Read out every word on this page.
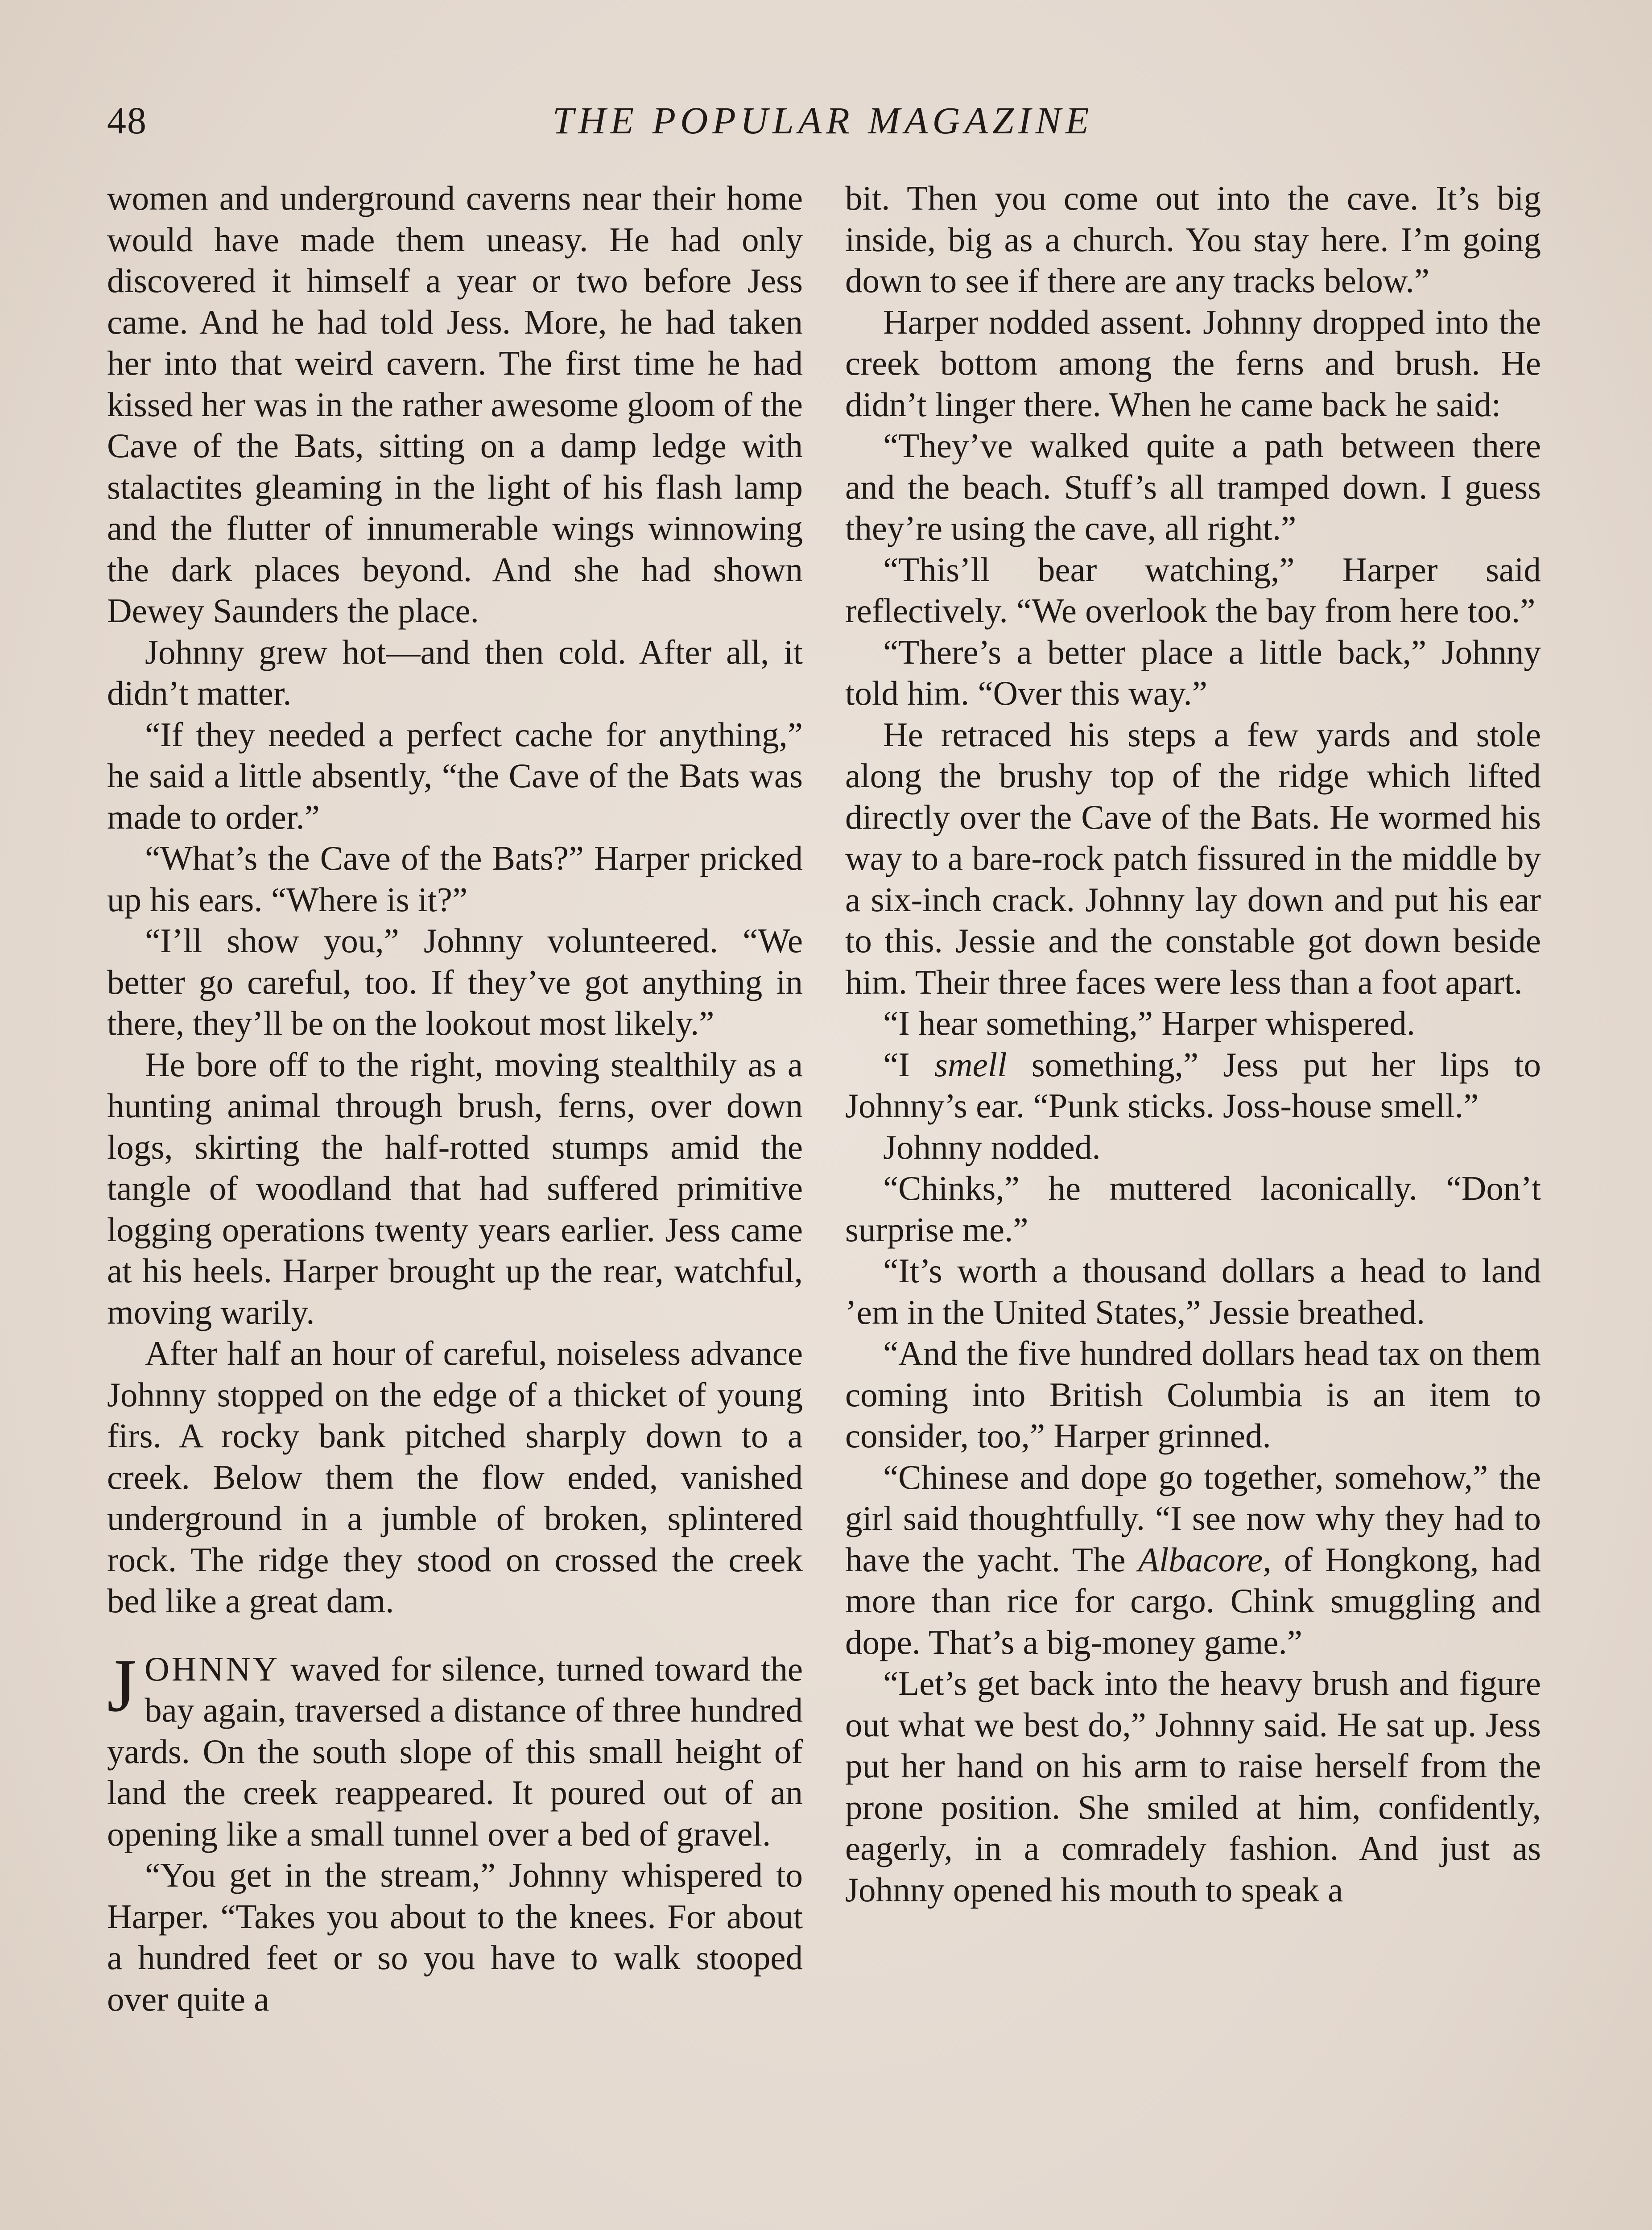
48	THE POPULAR MAGAZINE

women and underground caverns near their home would have made them uneasy. He had only discovered it himself a year or two before Jess came. And he had told Jess. More, he had taken her into that weird cavern. The first time he had kissed her was in the rather awesome gloom of the Cave of the Bats, sitting on a damp ledge with stalactites gleaming in the light of his flash lamp and the flutter of innumerable wings winnowing the dark places beyond. And she had shown Dewey Saunders the place.

Johnny grew hot—and then cold. After all, it didn’t matter.

“If they needed a perfect cache for anything,” he said a little absently, “the Cave of the Bats was made to order.”

“What’s the Cave of the Bats?” Harper pricked up his ears. “Where is it?”

“I’ll show you,” Johnny volunteered. “We better go careful, too. If they’ve got anything in there, they’ll be on the lookout most likely.”

He bore off to the right, moving stealthily as a hunting animal through brush, ferns, over down logs, skirting the half-rotted stumps amid the tangle of woodland that had suffered primitive logging operations twenty years earlier. Jess came at his heels. Harper brought up the rear, watchful, moving warily.

After half an hour of careful, noiseless advance Johnny stopped on the edge of a thicket of young firs. A rocky bank pitched sharply down to a creek. Below them the flow ended, vanished underground in a jumble of broken, splintered rock. The ridge they stood on crossed the creek bed like a great dam.

JOHNNY waved for silence, turned toward the bay again, traversed a distance of three hundred yards. On the south slope of this small height of land the creek reappeared. It poured out of an opening like a small tunnel over a bed of gravel.

“You get in the stream,” Johnny whispered to Harper. “Takes you about to the knees. For about a hundred feet or so you have to walk stooped over quite a

bit. Then you come out into the cave. It’s big inside, big as a church. You stay here. I’m going down to see if there are any tracks below.”

Harper nodded assent. Johnny dropped into the creek bottom among the ferns and brush. He didn’t linger there. When he came back he said:

“They’ve walked quite a path between there and the beach. Stuff’s all tramped down. I guess they’re using the cave, all right.”

“This’ll bear watching,” Harper said reflectively. “We overlook the bay from here too.”

“There’s a better place a little back,” Johnny told him. “Over this way.”

He retraced his steps a few yards and stole along the brushy top of the ridge which lifted directly over the Cave of the Bats. He wormed his way to a bare-rock patch fissured in the middle by a six-inch crack. Johnny lay down and put his ear to this. Jessie and the constable got down beside him. Their three faces were less than a foot apart.

“I hear something,” Harper whispered.

“I smell something,” Jess put her lips to Johnny’s ear. “Punk sticks. Joss-house smell.”

Johnny nodded.

“Chinks,” he muttered laconically. “Don’t surprise me.”

“It’s worth a thousand dollars a head to land ’em in the United States,” Jessie breathed.

“And the five hundred dollars head tax on them coming into British Columbia is an item to consider, too,” Harper grinned.

“Chinese and dope go together, somehow,” the girl said thoughtfully. “I see now why they had to have the yacht. The Albacore, of Hongkong, had more than rice for cargo. Chink smuggling and dope. That’s a big-money game.”

“Let’s get back into the heavy brush and figure out what we best do,” Johnny said. He sat up. Jess put her hand on his arm to raise herself from the prone position. She smiled at him, confidently, eagerly, in a comradely fashion. And just as Johnny opened his mouth to speak a
